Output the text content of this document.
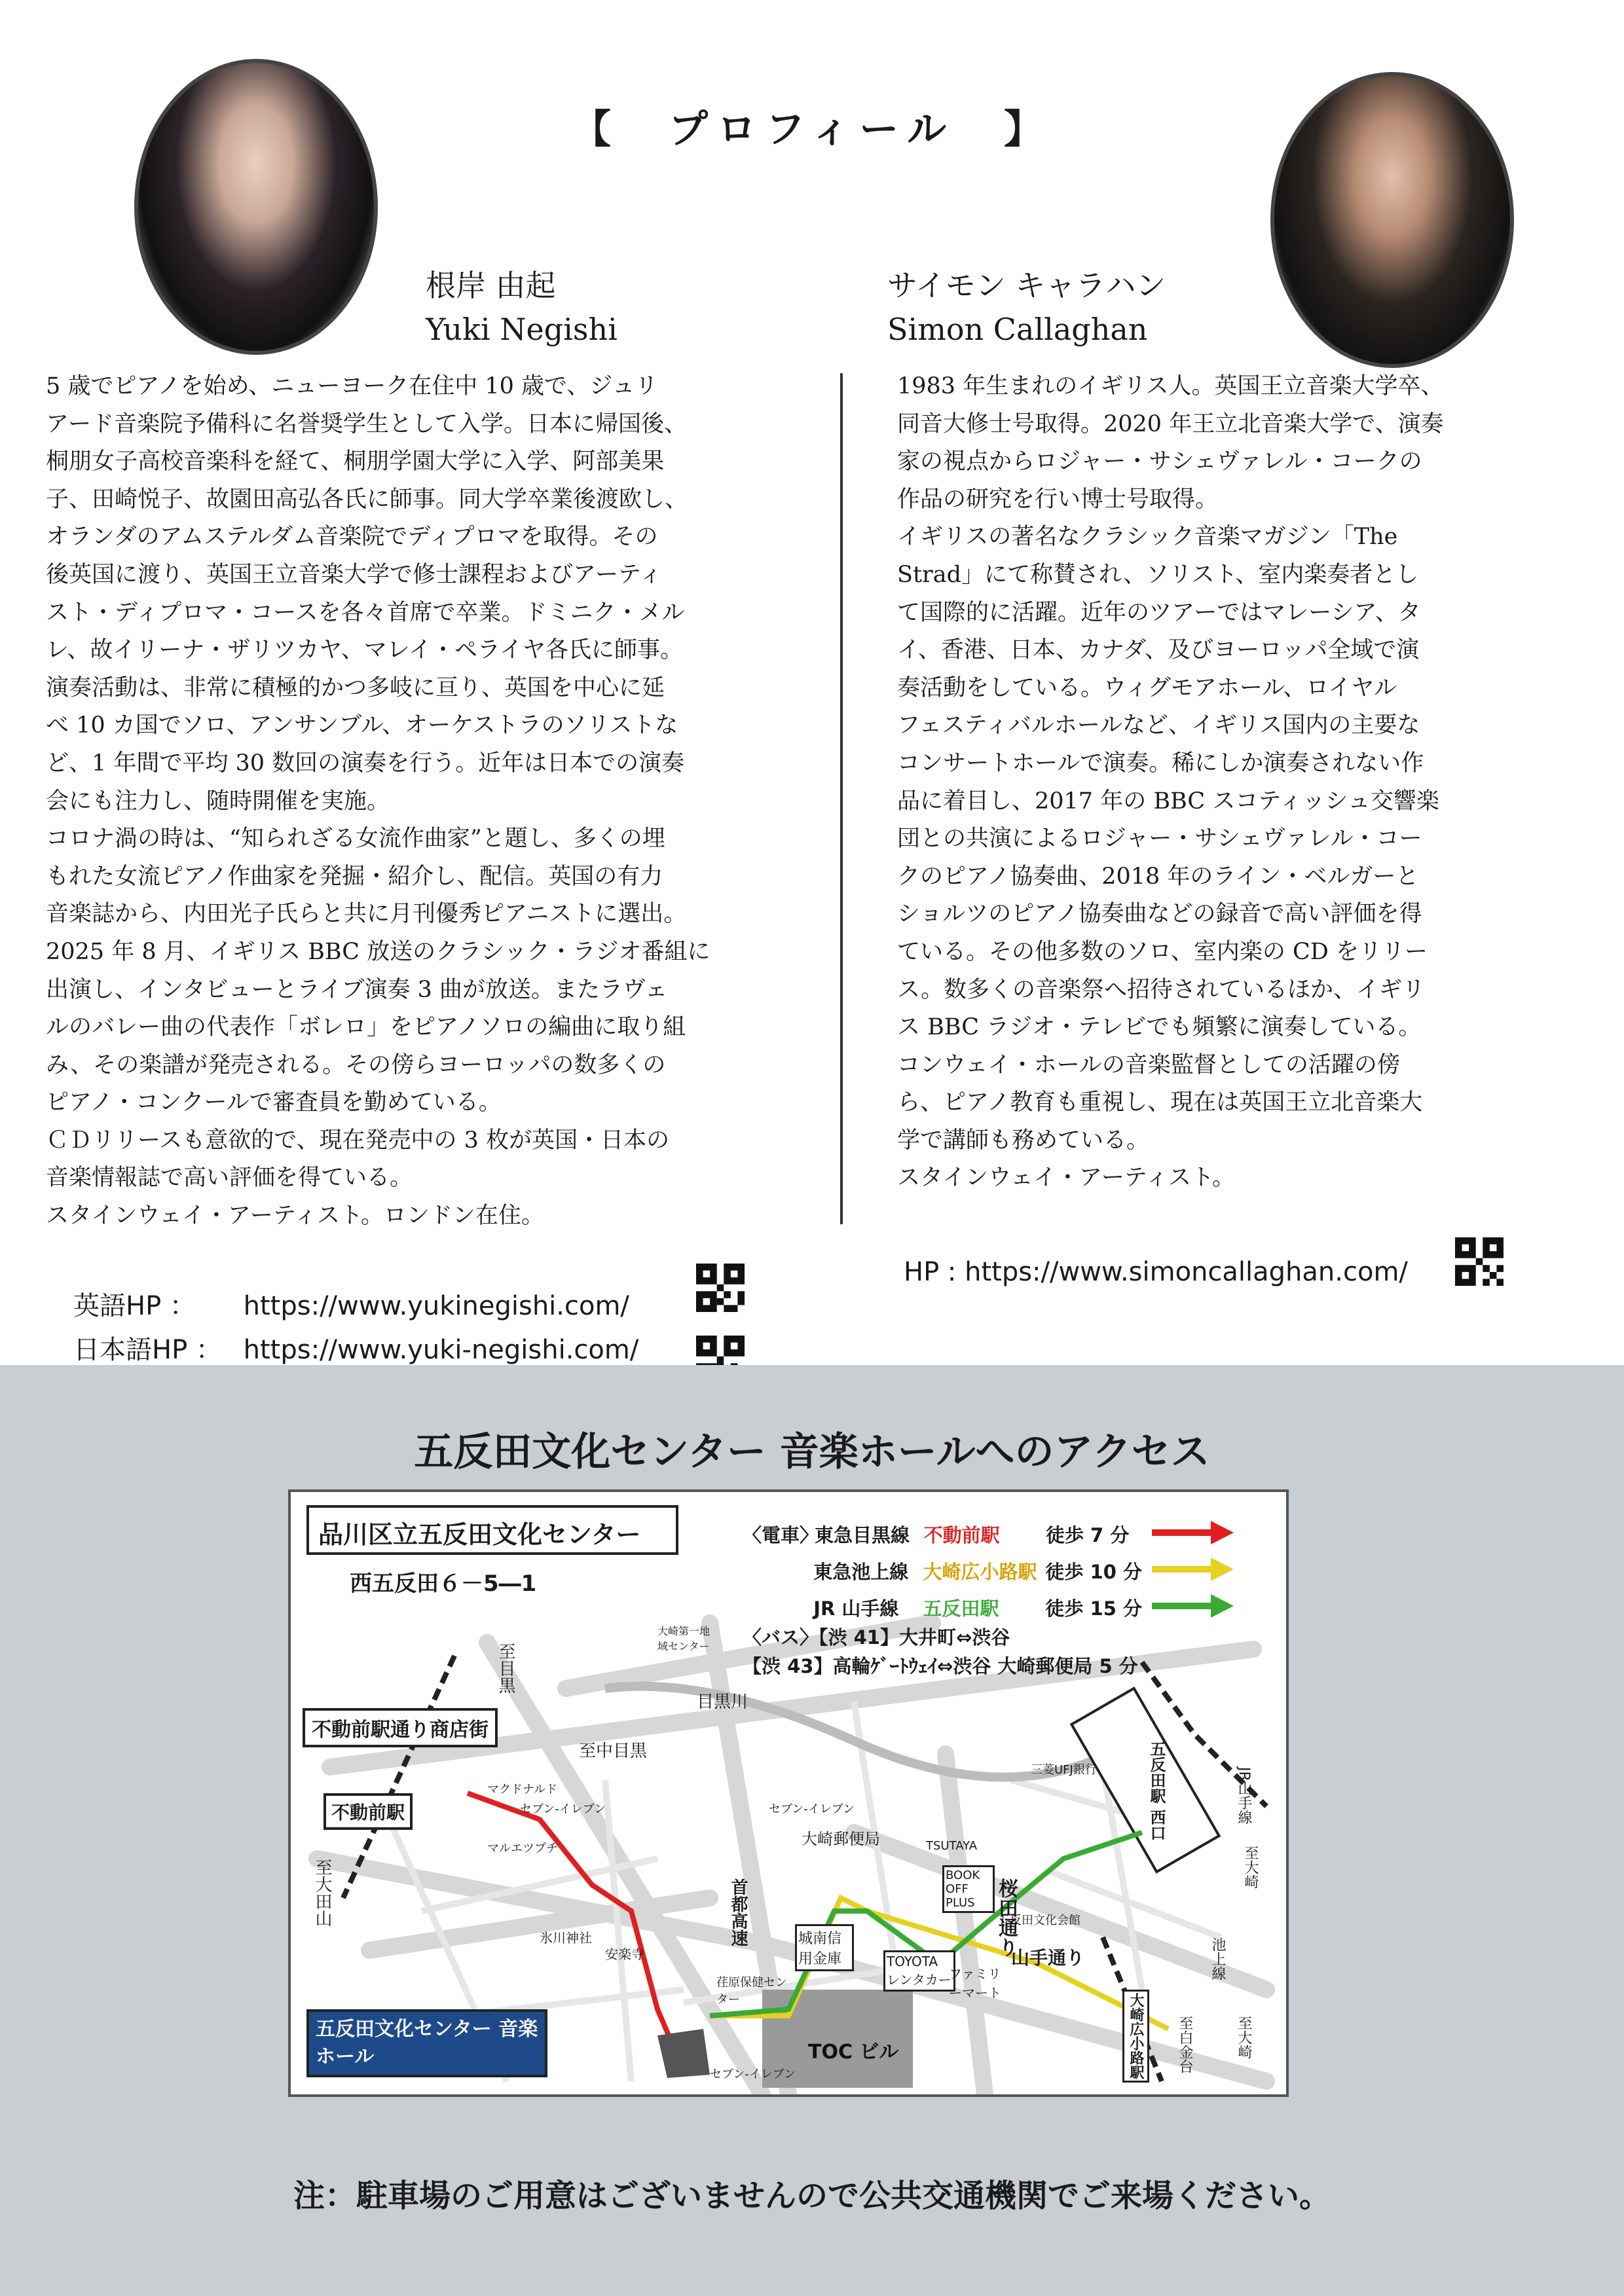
【　プロフィール　】
根岸 由起
Yuki Negishi
サイモン キャラハン
Simon Callaghan
5 歳でピアノを始め、ニューヨーク在住中 10 歳で、ジュリ
アード音楽院予備科に名誉奨学生として入学。日本に帰国後、
桐朋女子高校音楽科を経て、桐朋学園大学に入学、阿部美果
子、田崎悦子、故園田高弘各氏に師事。同大学卒業後渡欧し、
オランダのアムステルダム音楽院でディプロマを取得。その
後英国に渡り、英国王立音楽大学で修士課程およびアーティ
スト・ディプロマ・コースを各々首席で卒業。ドミニク・メル
レ、故イリーナ・ザリツカヤ、マレイ・ペライヤ各氏に師事。
演奏活動は、非常に積極的かつ多岐に亘り、英国を中心に延
べ 10 カ国でソロ、アンサンブル、オーケストラのソリストな
ど、1 年間で平均 30 数回の演奏を行う。近年は日本での演奏
会にも注力し、随時開催を実施。
コロナ渦の時は、“知られざる女流作曲家”と題し、多くの埋
もれた女流ピアノ作曲家を発掘・紹介し、配信。英国の有力
音楽誌から、内田光子氏らと共に月刊優秀ピアニストに選出。
2025 年 8 月、イギリス BBC 放送のクラシック・ラジオ番組に
出演し、インタビューとライブ演奏 3 曲が放送。またラヴェ
ルのバレー曲の代表作「ボレロ」をピアノソロの編曲に取り組
み、その楽譜が発売される。その傍らヨーロッパの数多くの
ピアノ・コンクールで審査員を勤めている。
ＣＤリリースも意欲的で、現在発売中の 3 枚が英国・日本の
音楽情報誌で高い評価を得ている。
スタインウェイ・アーティスト。ロンドン在住。
1983 年生まれのイギリス人。英国王立音楽大学卒、
同音大修士号取得。2020 年王立北音楽大学で、演奏
家の視点からロジャー・サシェヴァレル・コークの
作品の研究を行い博士号取得。
イギリスの著名なクラシック音楽マガジン「The
Strad」にて称賛され、ソリスト、室内楽奏者とし
て国際的に活躍。近年のツアーではマレーシア、タ
イ、香港、日本、カナダ、及びヨーロッパ全域で演
奏活動をしている。ウィグモアホール、ロイヤル
フェスティバルホールなど、イギリス国内の主要な
コンサートホールで演奏。稀にしか演奏されない作
品に着目し、2017 年の BBC スコティッシュ交響楽
団との共演によるロジャー・サシェヴァレル・コー
クのピアノ協奏曲、2018 年のライン・ベルガーと
ショルツのピアノ協奏曲などの録音で高い評価を得
ている。その他多数のソロ、室内楽の CD をリリー
ス。数多くの音楽祭へ招待されているほか、イギリ
ス BBC ラジオ・テレビでも頻繁に演奏している。
コンウェイ・ホールの音楽監督としての活躍の傍
ら、ピアノ教育も重視し、現在は英国王立北音楽大
学で講師も務めている。
スタインウェイ・アーティスト。
英語HP ： https://www.yukinegishi.com/
日本語HP ： https://www.yuki-negishi.com/
HP : https://www.simoncallaghan.com/
五反田文化センター 音楽ホールへのアクセス
品川区立五反田文化センター
西五反田６－5―1
〈電車〉
東急目黒線 不動前駅	徒歩 7 分
東急池上線 大崎広小路駅 徒歩 10 分
JR 山手線	五反田駅	徒歩 15 分
〈バス〉【渋 41】大井町⇔渋谷
【渋 43】高輪ｹﾞｰﾄｳｪｲ⇔渋谷 大崎郵便局 5 分
不動前駅通り商店街
不動前駅
目黒川
至中目黒
至目黒
至大田山
マクドナルド
セブン-イレブン
マルエツプチ
氷川神社
安楽寺
セブン-イレブン
大崎郵便局
首都高速	城南信用金庫	TOYOTA レンタカー
荏原保健センター
TOC ビル
セブン-イレブン
TSUTAYA
BOOK OFF PLUS
五反田文化会館
ファミリーマート
三菱UFJ銀行
桜田通り
山手通り
五反田駅 西口	JR山手線
至大崎
池上線
至大崎
大崎広小路駅	至白金台
大崎第一地域センター
五反田文化センター 音楽ホール
注：駐車場のご用意はございませんので公共交通機関でご来場ください。
